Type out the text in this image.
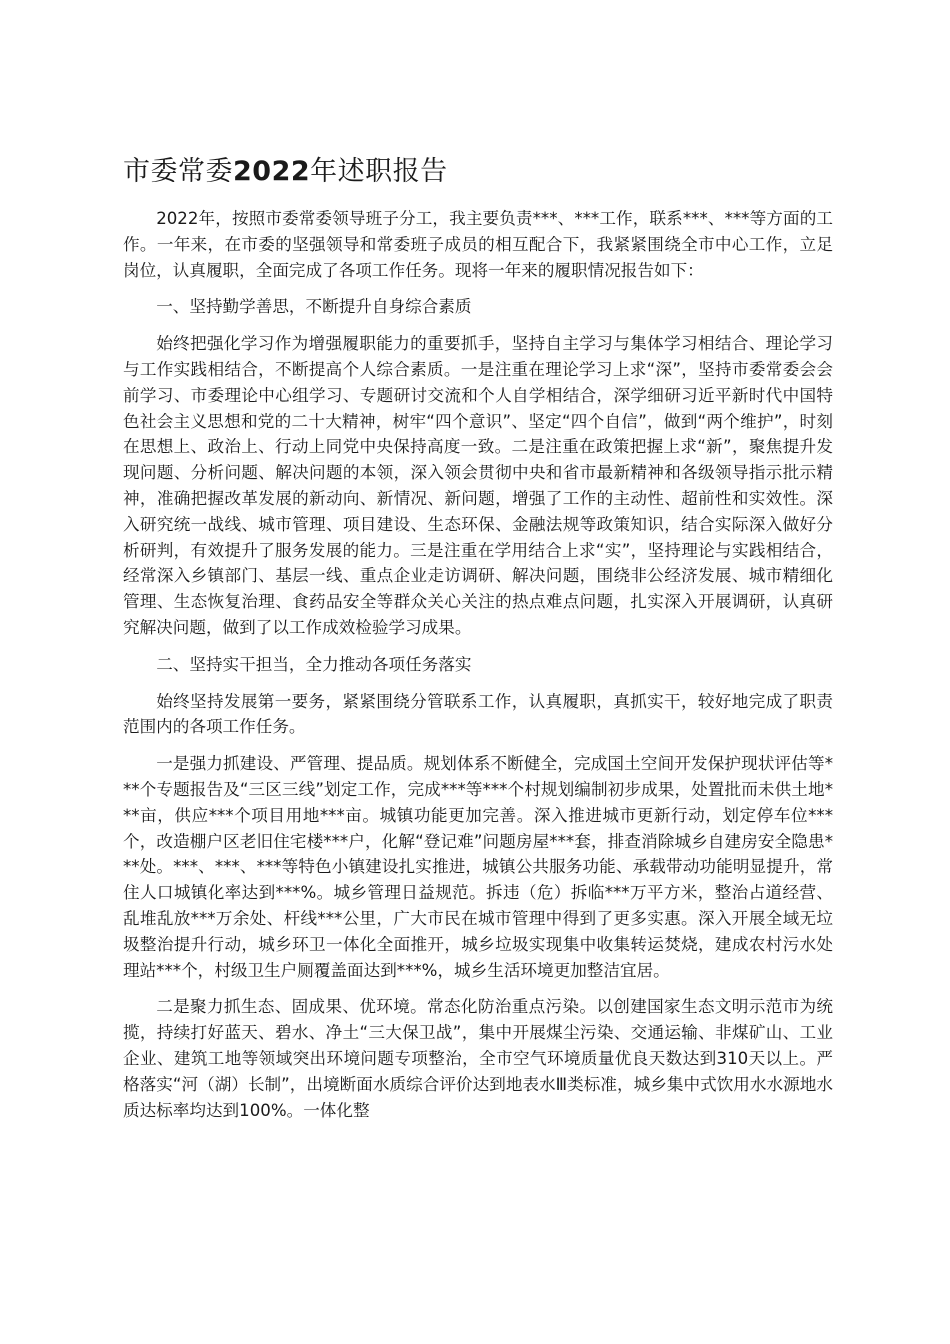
市委常委2022年述职报告

2022年，按照市委常委领导班子分工，我主要负责***、***工作，联系***、***等方面的工作。一年来，在市委的坚强领导和常委班子成员的相互配合下，我紧紧围绕全市中心工作，立足岗位，认真履职，全面完成了各项工作任务。现将一年来的履职情况报告如下：

一、坚持勤学善思，不断提升自身综合素质

始终把强化学习作为增强履职能力的重要抓手，坚持自主学习与集体学习相结合、理论学习与工作实践相结合，不断提高个人综合素质。一是注重在理论学习上求“深”，坚持市委常委会会前学习、市委理论中心组学习、专题研讨交流和个人自学相结合，深学细研习近平新时代中国特色社会主义思想和党的二十大精神，树牢“四个意识”、坚定“四个自信”，做到“两个维护”，时刻在思想上、政治上、行动上同党中央保持高度一致。二是注重在政策把握上求“新”，聚焦提升发现问题、分析问题、解决问题的本领，深入领会贯彻中央和省市最新精神和各级领导指示批示精神，准确把握改革发展的新动向、新情况、新问题，增强了工作的主动性、超前性和实效性。深入研究统一战线、城市管理、项目建设、生态环保、金融法规等政策知识，结合实际深入做好分析研判，有效提升了服务发展的能力。三是注重在学用结合上求“实”，坚持理论与实践相结合，经常深入乡镇部门、基层一线、重点企业走访调研、解决问题，围绕非公经济发展、城市精细化管理、生态恢复治理、食药品安全等群众关心关注的热点难点问题，扎实深入开展调研，认真研究解决问题，做到了以工作成效检验学习成果。

二、坚持实干担当，全力推动各项任务落实

始终坚持发展第一要务，紧紧围绕分管联系工作，认真履职，真抓实干，较好地完成了职责范围内的各项工作任务。

一是强力抓建设、严管理、提品质。规划体系不断健全，完成国土空间开发保护现状评估等***个专题报告及“三区三线”划定工作，完成***等***个村规划编制初步成果，处置批而未供土地***亩，供应***个项目用地***亩。城镇功能更加完善。深入推进城市更新行动，划定停车位***个，改造棚户区老旧住宅楼***户，化解“登记难”问题房屋***套，排查消除城乡自建房安全隐患***处。***、***、***等特色小镇建设扎实推进，城镇公共服务功能、承载带动功能明显提升，常住人口城镇化率达到***%。城乡管理日益规范。拆违（危）拆临***万平方米，整治占道经营、乱堆乱放***万余处、杆线***公里，广大市民在城市管理中得到了更多实惠。深入开展全域无垃圾整治提升行动，城乡环卫一体化全面推开，城乡垃圾实现集中收集转运焚烧，建成农村污水处理站***个，村级卫生户厕覆盖面达到***%，城乡生活环境更加整洁宜居。

二是聚力抓生态、固成果、优环境。常态化防治重点污染。以创建国家生态文明示范市为统揽，持续打好蓝天、碧水、净土“三大保卫战”，集中开展煤尘污染、交通运输、非煤矿山、工业企业、建筑工地等领域突出环境问题专项整治，全市空气环境质量优良天数达到310天以上。严格落实“河（湖）长制”，出境断面水质综合评价达到地表水Ⅲ类标准，城乡集中式饮用水水源地水质达标率均达到100%。一体化整
